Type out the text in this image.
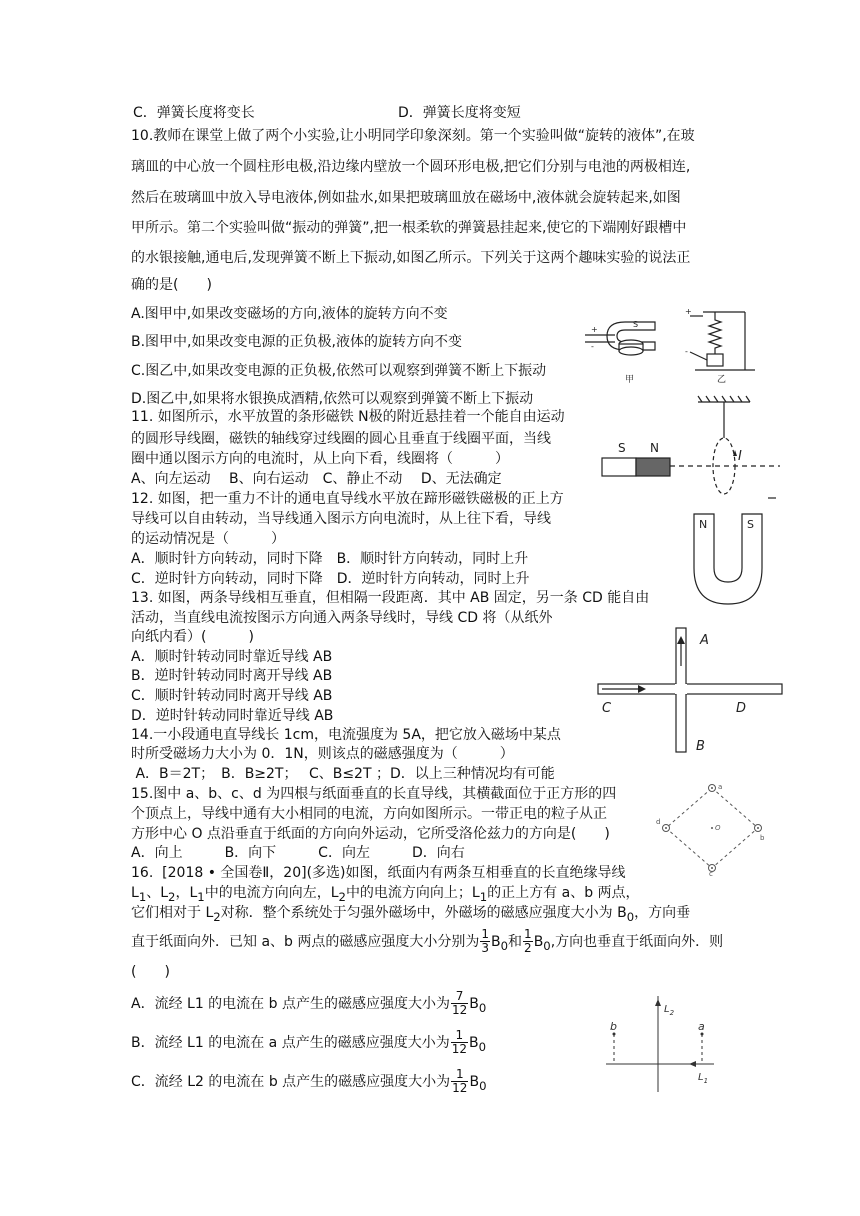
C．弹簧长度将变长	D．弹簧长度将变短
10.教师在课堂上做了两个小实验,让小明同学印象深刻。第一个实验叫做“旋转的液体”,在玻
璃皿的中心放一个圆柱形电极,沿边缘内壁放一个圆环形电极,把它们分别与电池的两极相连,
然后在玻璃皿中放入导电液体,例如盐水,如果把玻璃皿放在磁场中,液体就会旋转起来,如图
甲所示。第二个实验叫做“振动的弹簧”,把一根柔软的弹簧悬挂起来,使它的下端刚好跟槽中
的水银接触,通电后,发现弹簧不断上下振动,如图乙所示。下列关于这两个趣味实验的说法正
确的是(　　)
A.图甲中,如果改变磁场的方向,液体的旋转方向不变
B.图甲中,如果改变电源的正负极,液体的旋转方向不变
C.图乙中,如果改变电源的正负极,依然可以观察到弹簧不断上下振动
D.图乙中,如果将水银换成酒精,依然可以观察到弹簧不断上下振动
S
+
-
甲
+
-
乙
11. 如图所示，水平放置的条形磁铁 N极的附近悬挂着一个能自由运动
的圆形导线圈，磁铁的轴线穿过线圈的圆心且垂直于线圈平面，当线
圈中通以图示方向的电流时，从上向下看，线圈将（　　　）
A、向左运动　 B、向右运动　C、静止不动　 D、无法确定
S N
I
12. 如图，把一重力不计的通电直导线水平放在蹄形磁铁磁极的正上方
导线可以自由转动，当导线通入图示方向电流时，从上往下看，导线
的运动情况是（　　　）
A．顺时针方向转动，同时下降　B．顺时针方向转动，同时上升
C．逆时针方向转动，同时下降　D．逆时针方向转动，同时上升
N	S
13. 如图，两条导线相互垂直，但相隔一段距离．其中 AB 固定，另一条 CD 能自由
活动，当直线电流按图示方向通入两条导线时，导线 CD 将（从纸外
向纸内看）(　　　)
A．顺时针转动同时靠近导线 AB
B．逆时针转动同时离开导线 AB
C．顺时针转动同时离开导线 AB
D．逆时针转动同时靠近导线 AB
A
B
C	D
14.一小段通电直导线长 1cm，电流强度为 5A，把它放入磁场中某点
时所受磁场力大小为 0．1N，则该点的磁感强度为（　　　）
A．B＝2T；　B．B≥2T；　 C、B≤2T ；D．以上三种情况均有可能
15.图中 a、b、c、d 为四根与纸面垂直的长直导线，其横截面位于正方形的四
个顶点上，导线中通有大小相同的电流，方向如图所示。一带正电的粒子从正
方形中心 O 点沿垂直于纸面的方向向外运动，它所受洛伦兹力的方向是(　　)
A．向上　　　B．向下　　　C．向左　　　D．向右
a
b
c
d
O
16.  [2018 • 全国卷Ⅱ，20](多选)如图，纸面内有两条互相垂直的长直绝缘导线
$L_1$、$L_2$，$L_1$中的电流方向向左，$L_2$中的电流方向向上；$L_1$的正上方有 a、b 两点，
它们相对于 $L_2$对称．整个系统处于匀强外磁场中，外磁场的磁感应强度大小为 $B_0$，方向垂
直于纸面向外．已知 a、b 两点的磁感应强度大小分别为 $\frac{1}{3} B_0$和 $\frac{1}{2} B_0$,方向也垂直于纸面向外．则
(　　)
A．流经 L1 的电流在 b 点产生的磁感应强度大小为 $\frac{7}{12} B_0$
B．流经 L1 的电流在 a 点产生的磁感应强度大小为 $\frac{1}{12} B_0$
C．流经 L2 的电流在 b 点产生的磁感应强度大小为 $\frac{1}{12} B_0$
b	a
$L_2$
$L_1$
